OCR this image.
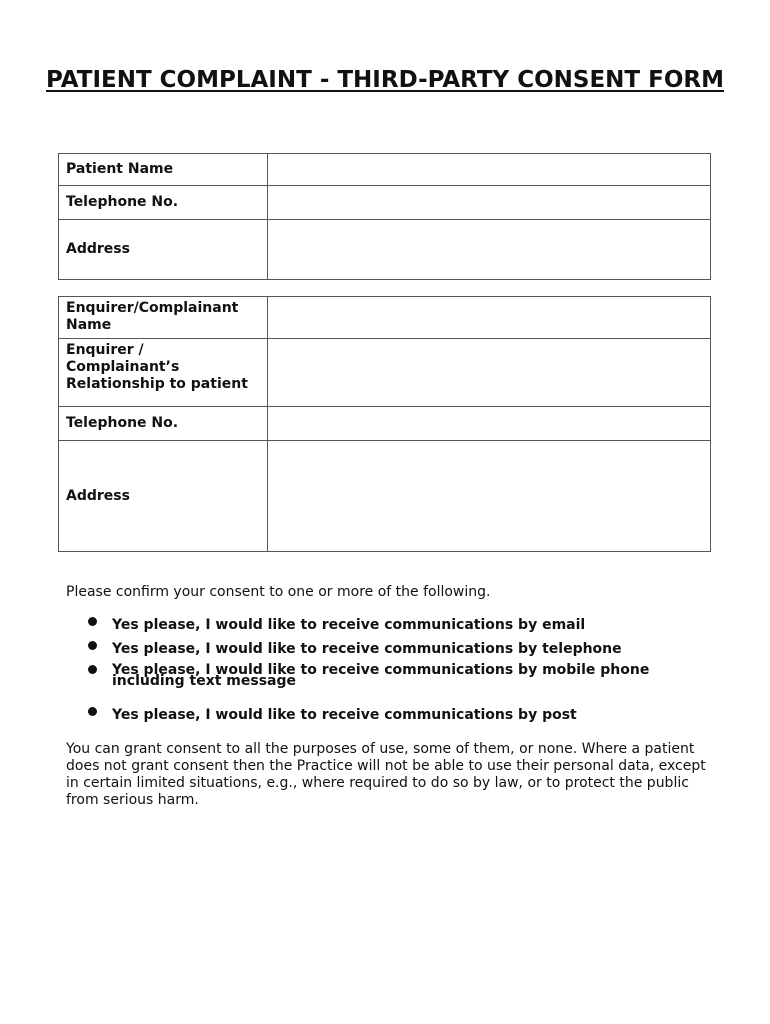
PATIENT COMPLAINT - THIRD-PARTY CONSENT FORM
Patient Name	
Telephone No.	
Address	
Enquirer/Complainant Name	
Enquirer / Complainant’s Relationship to patient	
Telephone No.	
Address	
Please confirm your consent to one or more of the following.
Yes please, I would like to receive communications by email
Yes please, I would like to receive communications by telephone
Yes please, I would like to receive communications by mobile phone including text message
Yes please, I would like to receive communications by post
You can grant consent to all the purposes of use, some of them, or none. Where a patient does not grant consent then the Practice will not be able to use their personal data, except in certain limited situations, e.g., where required to do so by law, or to protect the public from serious harm.
